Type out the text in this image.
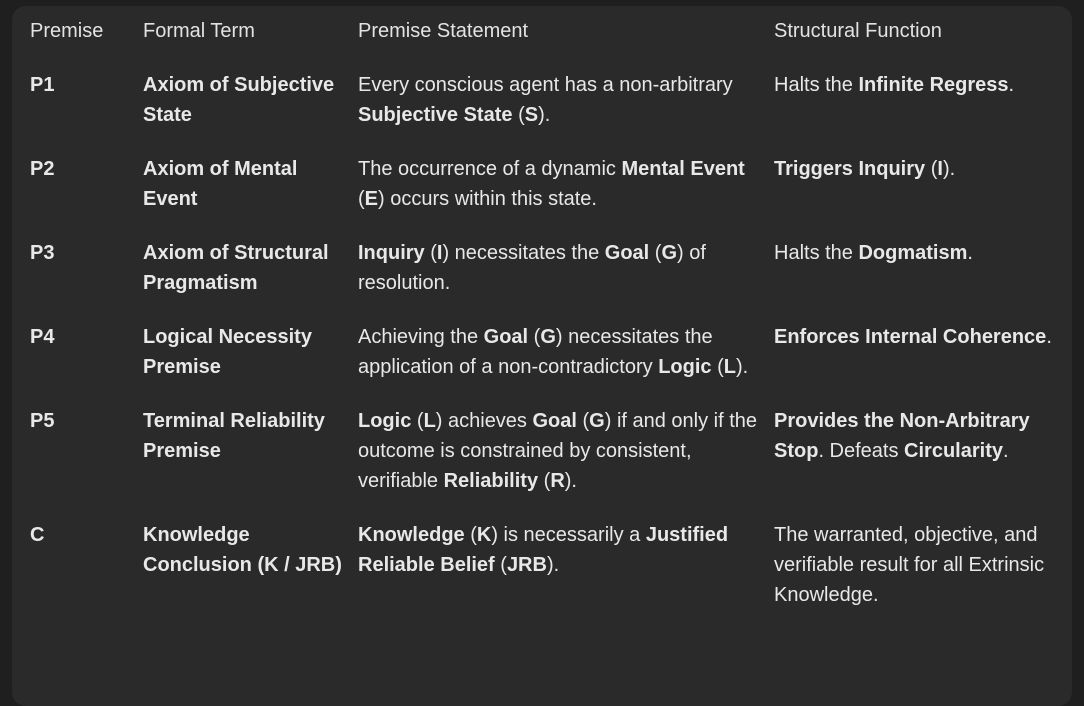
Premise	Formal Term	Premise Statement	Structural Function
P1	Axiom of Subjective State	Every conscious agent has a non-arbitrary Subjective State (S).	Halts the Infinite Regress.
P2	Axiom of Mental Event	The occurrence of a dynamic Mental Event (E) occurs within this state.	Triggers Inquiry (I).
P3	Axiom of Structural Pragmatism	Inquiry (I) necessitates the Goal (G) of resolution.	Halts the Dogmatism.
P4	Logical Necessity Premise	Achieving the Goal (G) necessitates the application of a non-contradictory Logic (L).	Enforces Internal Coherence.
P5	Terminal Reliability Premise	Logic (L) achieves Goal (G) if and only if the outcome is constrained by consistent, verifiable Reliability (R).	Provides the Non-Arbitrary Stop. Defeats Circularity.
C	Knowledge Conclusion (K / JRB)	Knowledge (K) is necessarily a Justified Reliable Belief (JRB).	The warranted, objective, and verifiable result for all Extrinsic Knowledge.
